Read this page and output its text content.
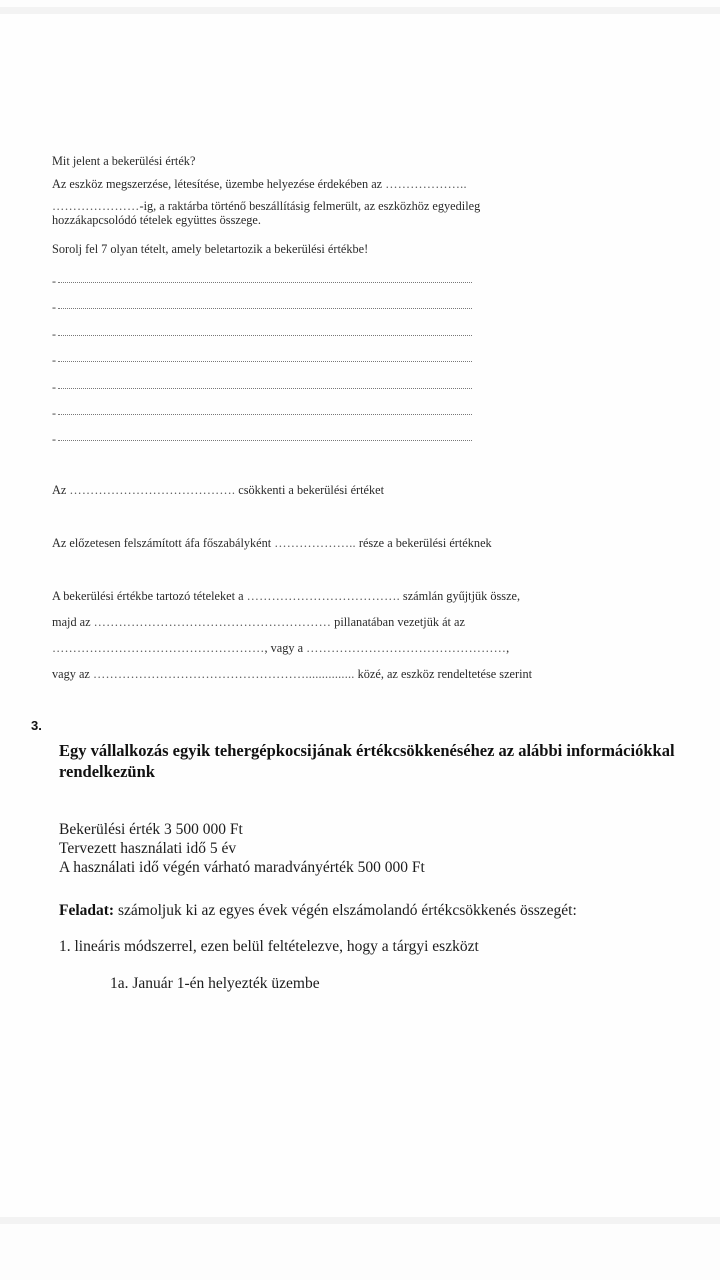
Mit jelent a bekerülési érték?
Az eszköz megszerzése, létesítése, üzembe helyezése érdekében az ………………..
…………………-ig, a raktárba történő beszállításig felmerült, az eszközhöz egyedileg
hozzákapcsolódó tételek együttes összege.
Sorolj fel 7 olyan tételt, amely beletartozik a bekerülési értékbe!
-
-
-
-
-
-
-
Az …………………………………. csökkenti a bekerülési értéket
Az előzetesen felszámított áfa főszabályként ……………….. része a bekerülési értéknek
A bekerülési értékbe tartozó tételeket a ………………………………. számlán gyűjtjük össze,
majd az ………………………………………………… pillanatában vezetjük át az
……………………………………………, vagy a …………………………………………,
vagy az ……………………………………………............... közé, az eszköz rendeltetése szerint
3.
Egy vállalkozás egyik tehergépkocsijának értékcsökkenéséhez az alábbi információkkal
rendelkezünk
Bekerülési érték 3 500 000 Ft
Tervezett használati idő 5 év
A használati idő végén várható maradványérték 500 000 Ft
Feladat: számoljuk ki az egyes évek végén elszámolandó értékcsökkenés összegét:
1. lineáris módszerrel, ezen belül feltételezve, hogy a tárgyi eszközt
1a. Január 1-én helyezték üzembe
